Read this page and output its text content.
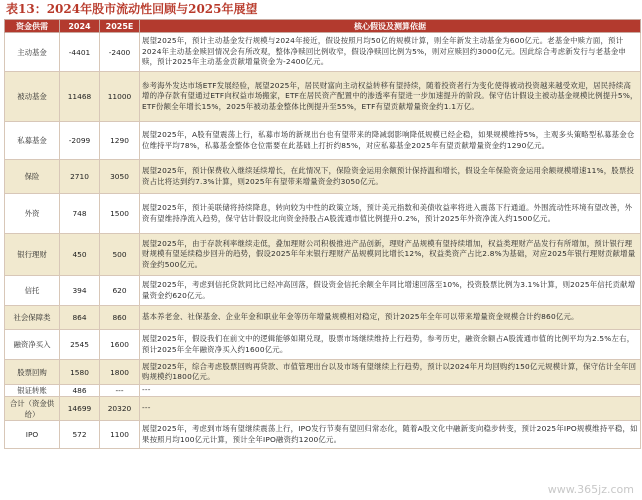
表13：2024年股市流动性回顾与2025年展望
资金供需	2024	2025E	核心假设及测算依据
主动基金	-4401	-2400	展望2025年，预计主动基金发行规模与2024年接近，假设按照月均50亿的规模计算，则全年新发主动基金为600亿元。老基金中赎方面，预计2024年主动基金赎回情况会有所改观，整体净赎回比例收窄，假设净赎回比例为5%，则对应赎回约3000亿元。因此综合考虑新发行与老基金申赎，预计2025年主动基金贡献增量资金为-2400亿元。
被动基金	11468	11000	参考海外发达市场ETF发展经验，展望2025年，居民财富向主动权益转移有望持续，随着投资者行为变化使得被动投资越来越受欢迎，居民持续高增的净存款有望通过ETF向权益市场搬家，ETF在居民资产配置中的渗透率有望进一步加速提升的阶段。保守估计假设主被动基金规模比例提升5%，ETF份额全年增长15%，2025年被动基金整体比例提升至55%，ETF有望贡献增量资金约1.1万亿。
私募基金	-2099	1290	展望2025年，A股有望震荡上行，私募市场的新规出台也有望带来的降减弱影响降低规模已经企稳，如果规模维持5%，主观多头策略型私募基金仓位维持平均78%，私募基金整体仓位需要在此基础上打折约85%，对应私募基金2025年有望贡献增量资金约1290亿元。
保险	2710	3050	展望2025年，预计保费收入继续延续增长，在此情况下，保险资金运用余额预计保持温和增长，假设全年保险资金运用余额规模增速11%，股票投资占比将达到约7.3%计算，则2025年有望带来增量资金约3050亿元。
外资	748	1500	展望2025年，预计美联储将持续降息，转向较为中性的政策立场，预计美元指数和美债收益率将进入震荡下行通道。外围流动性环境有望改善，外资有望维持净流入趋势，保守估计假设北向资金持股占A股流通市值比例提升0.2%，预计2025年外资净流入约1500亿元。
银行理财	450	500	展望2025年，由于存款利率继续走低，叠加理财公司积极推进产品创新，理财产品规模有望持续增加，权益类理财产品发行有所增加，预计银行理财规模有望延续稳步回升的趋势，假设2025年年末银行理财产品规模同比增长12%，权益类资产占比2.8%为基础，对应2025年银行理财贡献增量资金约500亿元。
信托	394	620	展望2025年，考虑到信托贷款同比已经冲高回落，假设资金信托余额全年同比增速回落至10%，投资股票比例为3.1%计算，则2025年信托贡献增量资金约620亿元。
社会保障类	864	860	基本养老金、社保基金、企业年金和职业年金等历年增量规模相对稳定，预计2025年全年可以带来增量资金规模合计约860亿元。
融资净买入	2545	1600	展望2025年，假设我们在前文中的逻辑能够如期兑现，股票市场继续维持上行趋势，参考历史，融资余额占A股流通市值的比例平均为2.5%左右，预计2025年全年融资净买入约1600亿元。
股票回购	1580	1800	展望2025年，综合考虑股票回购再贷款、市值管理出台以及市场有望继续上行趋势，预计以2024年月均回购约150亿元规模计算，保守估计全年回购规模约1800亿元。
银证转账	486	---	---
合计（资金供给）	14699	20320	---
IPO	572	1100	展望2025年，考虑到市场有望继续震荡上行，IPO发行节奏有望回归常态化，随着A股文化中融新变向稳步转变，预计2025年IPO规模维持平稳，如果按照月均100亿元计算，预计全年IPO融资约1200亿元。
www.365jz.com
